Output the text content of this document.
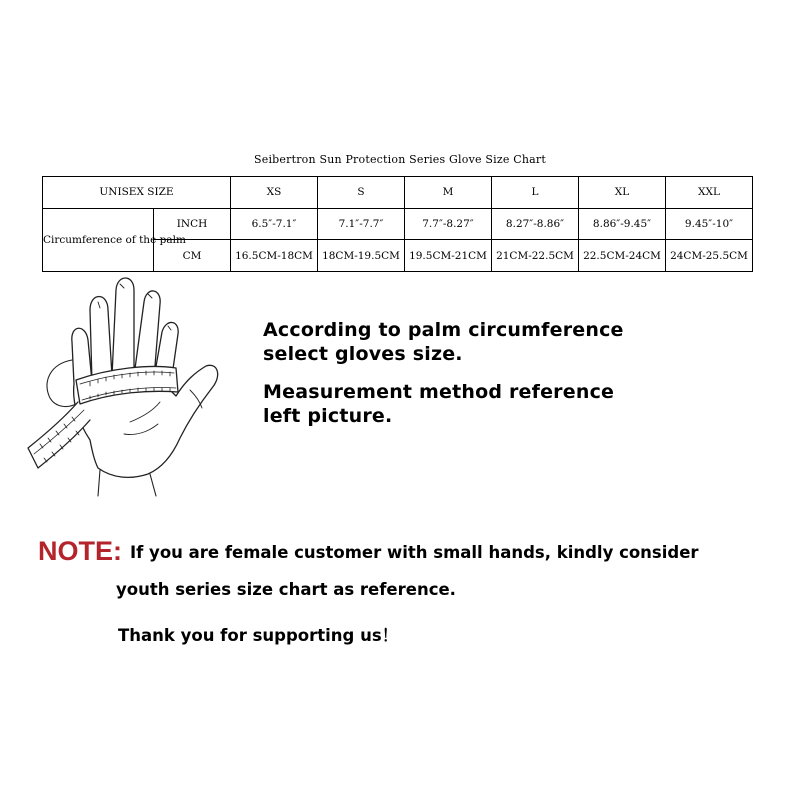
Seibertron Sun Protection Series Glove Size Chart
UNISEX SIZE		XS	S	M	L	XL	XXL
Circumference of the palm	INCH	6.5″-7.1″	7.1″-7.7″	7.7″-8.27″	8.27″-8.86″	8.86″-9.45″	9.45″-10″
	CM	16.5CM-18CM	18CM-19.5CM	19.5CM-21CM	21CM-22.5CM	22.5CM-24CM	24CM-25.5CM

According to palm circumference
select gloves size.

Measurement method reference
left picture.

NOTE: If you are female customer with small hands, kindly consider
youth series size chart as reference.
Thank you for supporting us！
